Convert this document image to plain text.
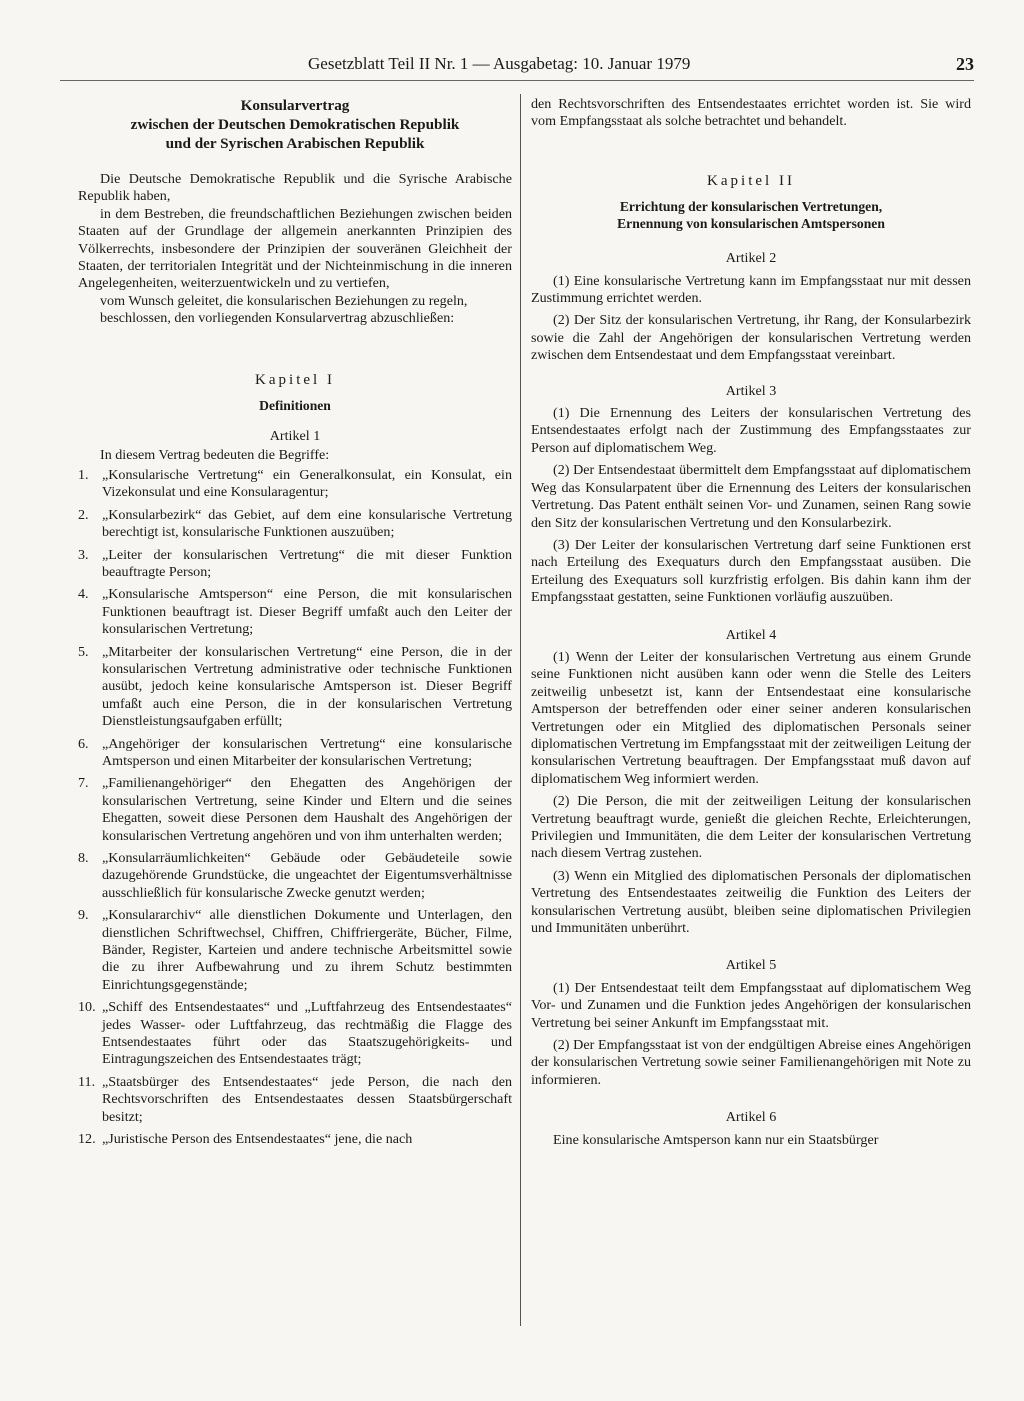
Gesetzblatt Teil II Nr. 1 — Ausgabetag: 10. Januar 1979	23
Konsularvertrag
zwischen der Deutschen Demokratischen Republik
und der Syrischen Arabischen Republik

Die Deutsche Demokratische Republik und die Syrische Arabische Republik haben,

in dem Bestreben, die freundschaftlichen Beziehungen zwischen beiden Staaten auf der Grundlage der allgemein anerkannten Prinzipien des Völkerrechts, insbesondere der Prinzipien der souveränen Gleichheit der Staaten, der territorialen Integrität und der Nichteinmischung in die inneren Angelegenheiten, weiterzuentwickeln und zu vertiefen,

vom Wunsch geleitet, die konsularischen Beziehungen zu regeln,

beschlossen, den vorliegenden Konsularvertrag abzuschließen:

Kapitel I
Definitionen
Artikel 1

In diesem Vertrag bedeuten die Begriffe:

1. „Konsularische Vertretung“ ein Generalkonsulat, ein Konsulat, ein Vizekonsulat und eine Konsularagentur;
2. „Konsularbezirk“ das Gebiet, auf dem eine konsularische Vertretung berechtigt ist, konsularische Funktionen auszuüben;
3. „Leiter der konsularischen Vertretung“ die mit dieser Funktion beauftragte Person;
4. „Konsularische Amtsperson“ eine Person, die mit konsularischen Funktionen beauftragt ist. Dieser Begriff umfaßt auch den Leiter der konsularischen Vertretung;
5. „Mitarbeiter der konsularischen Vertretung“ eine Person, die in der konsularischen Vertretung administrative oder technische Funktionen ausübt, jedoch keine konsularische Amtsperson ist. Dieser Begriff umfaßt auch eine Person, die in der konsularischen Vertretung Dienstleistungsaufgaben erfüllt;
6. „Angehöriger der konsularischen Vertretung“ eine konsularische Amtsperson und einen Mitarbeiter der konsularischen Vertretung;
7. „Familienangehöriger“ den Ehegatten des Angehörigen der konsularischen Vertretung, seine Kinder und Eltern und die seines Ehegatten, soweit diese Personen dem Haushalt des Angehörigen der konsularischen Vertretung angehören und von ihm unterhalten werden;
8. „Konsularräumlichkeiten“ Gebäude oder Gebäudeteile sowie dazugehörende Grundstücke, die ungeachtet der Eigentumsverhältnisse ausschließlich für konsularische Zwecke genutzt werden;
9. „Konsulararchiv“ alle dienstlichen Dokumente und Unterlagen, den dienstlichen Schriftwechsel, Chiffren, Chiffriergeräte, Bücher, Filme, Bänder, Register, Karteien und andere technische Arbeitsmittel sowie die zu ihrer Aufbewahrung und zu ihrem Schutz bestimmten Einrichtungsgegenstände;
10. „Schiff des Entsendestaates“ und „Luftfahrzeug des Entsendestaates“ jedes Wasser- oder Luftfahrzeug, das rechtmäßig die Flagge des Entsendestaates führt oder das Staatszugehörigkeits- und Eintragungszeichen des Entsendestaates trägt;
11. „Staatsbürger des Entsendestaates“ jede Person, die nach den Rechtsvorschriften des Entsendestaates dessen Staatsbürgerschaft besitzt;
12. „Juristische Person des Entsendestaates“ jene, die nach

den Rechtsvorschriften des Entsendestaates errichtet worden ist. Sie wird vom Empfangsstaat als solche betrachtet und behandelt.

Kapitel II
Errichtung der konsularischen Vertretungen,
Ernennung von konsularischen Amtspersonen
Artikel 2

(1) Eine konsularische Vertretung kann im Empfangsstaat nur mit dessen Zustimmung errichtet werden.

(2) Der Sitz der konsularischen Vertretung, ihr Rang, der Konsularbezirk sowie die Zahl der Angehörigen der konsularischen Vertretung werden zwischen dem Entsendestaat und dem Empfangsstaat vereinbart.

Artikel 3

(1) Die Ernennung des Leiters der konsularischen Vertretung des Entsendestaates erfolgt nach der Zustimmung des Empfangsstaates zur Person auf diplomatischem Weg.

(2) Der Entsendestaat übermittelt dem Empfangsstaat auf diplomatischem Weg das Konsularpatent über die Ernennung des Leiters der konsularischen Vertretung. Das Patent enthält seinen Vor- und Zunamen, seinen Rang sowie den Sitz der konsularischen Vertretung und den Konsularbezirk.

(3) Der Leiter der konsularischen Vertretung darf seine Funktionen erst nach Erteilung des Exequaturs durch den Empfangsstaat ausüben. Die Erteilung des Exequaturs soll kurzfristig erfolgen. Bis dahin kann ihm der Empfangsstaat gestatten, seine Funktionen vorläufig auszuüben.

Artikel 4

(1) Wenn der Leiter der konsularischen Vertretung aus einem Grunde seine Funktionen nicht ausüben kann oder wenn die Stelle des Leiters zeitweilig unbesetzt ist, kann der Entsendestaat eine konsularische Amtsperson der betreffenden oder einer seiner anderen konsularischen Vertretungen oder ein Mitglied des diplomatischen Personals seiner diplomatischen Vertretung im Empfangsstaat mit der zeitweiligen Leitung der konsularischen Vertretung beauftragen. Der Empfangsstaat muß davon auf diplomatischem Weg informiert werden.

(2) Die Person, die mit der zeitweiligen Leitung der konsularischen Vertretung beauftragt wurde, genießt die gleichen Rechte, Erleichterungen, Privilegien und Immunitäten, die dem Leiter der konsularischen Vertretung nach diesem Vertrag zustehen.

(3) Wenn ein Mitglied des diplomatischen Personals der diplomatischen Vertretung des Entsendestaates zeitweilig die Funktion des Leiters der konsularischen Vertretung ausübt, bleiben seine diplomatischen Privilegien und Immunitäten unberührt.

Artikel 5

(1) Der Entsendestaat teilt dem Empfangsstaat auf diplomatischem Weg Vor- und Zunamen und die Funktion jedes Angehörigen der konsularischen Vertretung bei seiner Ankunft im Empfangsstaat mit.

(2) Der Empfangsstaat ist von der endgültigen Abreise eines Angehörigen der konsularischen Vertretung sowie seiner Familienangehörigen mit Note zu informieren.

Artikel 6

Eine konsularische Amtsperson kann nur ein Staatsbürger
